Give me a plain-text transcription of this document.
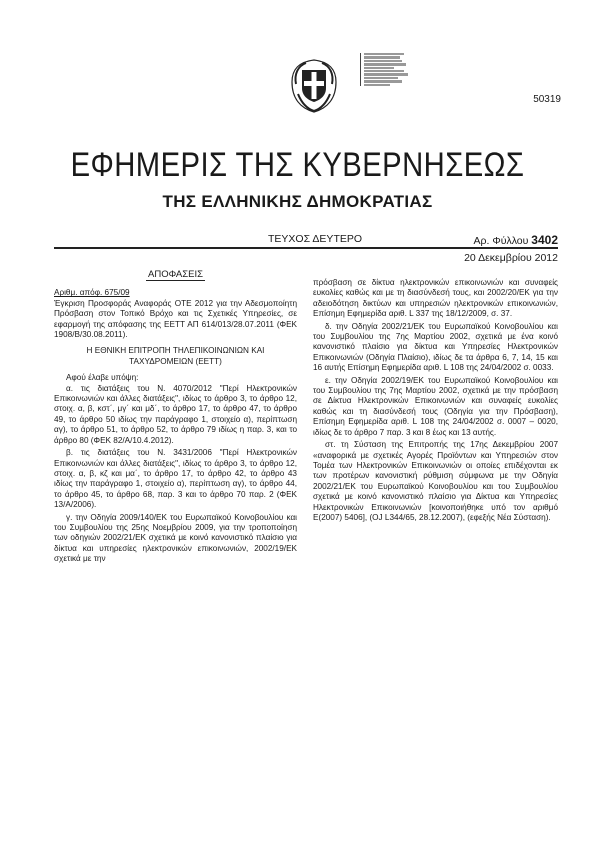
50319
ΕΦΗΜΕΡΙΣ ΤΗΣ ΚΥΒΕΡΝΗΣΕΩΣ
ΤΗΣ ΕΛΛΗΝΙΚΗΣ ΔΗΜΟΚΡΑΤΙΑΣ
ΤΕΥΧΟΣ ΔΕΥΤΕΡΟ	Αρ. Φύλλου 3402
20 Δεκεμβρίου 2012
ΑΠΟΦΑΣΕΙΣ

Αριθμ. απόφ. 675/09

Έγκριση Προσφοράς Αναφοράς ΟΤΕ 2012 για την Αδεσμοποίητη Πρόσβαση στον Τοπικό Βρόχο και τις Σχετικές Υπηρεσίες, σε εφαρμογή της απόφασης της ΕΕΤΤ ΑΠ 614/013/28.07.2011 (ΦΕΚ 1908/Β/30.08.2011).

Η ΕΘΝΙΚΗ ΕΠΙΤΡΟΠΗ ΤΗΛΕΠΙΚΟΙΝΩΝΙΩΝ ΚΑΙ ΤΑΧΥΔΡΟΜΕΙΩΝ (ΕΕΤΤ)

Αφού έλαβε υπόψη:

α. τις διατάξεις του Ν. 4070/2012 "Περί Ηλεκτρονικών Επικοινωνιών και άλλες διατάξεις", ιδίως το άρθρο 3, το άρθρο 12, στοιχ. α, β, κστ΄, μγ΄ και μδ΄, το άρθρο 17, το άρθρο 47, το άρθρο 49, το άρθρο 50 ιδίως την παράγραφο 1, στοιχείο α), περίπτωση αγ), το άρθρο 51, το άρθρο 52, το άρθρο 79 ιδίως η παρ. 3, και το άρθρο 80 (ΦΕΚ 82/Α/10.4.2012).

β. τις διατάξεις του Ν. 3431/2006 "Περί Ηλεκτρονικών Επικοινωνιών και άλλες διατάξεις", ιδίως το άρθρο 3, το άρθρο 12, στοιχ. α, β, κζ και μα΄, το άρθρο 17, το άρθρο 42, το άρθρο 43 ιδίως την παράγραφο 1, στοιχείο α), περίπτωση αγ), το άρθρο 44, το άρθρο 45, το άρθρο 68, παρ. 3 και το άρθρο 70 παρ. 2 (ΦΕΚ 13/Α/2006).

γ. την Οδηγία 2009/140/ΕΚ του Ευρωπαϊκού Κοινοβουλίου και του Συμβουλίου της 25ης Νοεμβρίου 2009, για την τροποποίηση των οδηγιών 2002/21/ΕΚ σχετικά με κοινό κανονιστικό πλαίσιο για δίκτυα και υπηρεσίες ηλεκτρονικών επικοινωνιών, 2002/19/ΕΚ σχετικά με την

πρόσβαση σε δίκτυα ηλεκτρονικών επικοινωνιών και συναφείς ευκολίες καθώς και με τη διασύνδεσή τους, και 2002/20/ΕΚ για την αδειοδότηση δικτύων και υπηρεσιών ηλεκτρονικών επικοινωνιών, Επίσημη Εφημερίδα αριθ. L 337 της 18/12/2009, σ. 37.

δ. την Οδηγία 2002/21/ΕΚ του Ευρωπαϊκού Κοινοβουλίου και του Συμβουλίου της 7ης Μαρτίου 2002, σχετικά με ένα κοινό κανονιστικό πλαίσιο για δίκτυα και Υπηρεσίες Ηλεκτρονικών Επικοινωνιών (Οδηγία Πλαίσιο), ιδίως δε τα άρθρα 6, 7, 14, 15 και 16 αυτής Επίσημη Εφημερίδα αριθ. L 108 της 24/04/2002 σ. 0033.

ε. την Οδηγία 2002/19/ΕΚ του Ευρωπαϊκού Κοινοβουλίου και του Συμβουλίου της 7ης Μαρτίου 2002, σχετικά με την πρόσβαση σε Δίκτυα Ηλεκτρονικών Επικοινωνιών και συναφείς ευκολίες καθώς και τη διασύνδεσή τους (Οδηγία για την Πρόσβαση), Επίσημη Εφημερίδα αριθ. L 108 της 24/04/2002 σ. 0007 – 0020, ιδίως δε το άρθρο 7 παρ. 3 και 8 έως και 13 αυτής.

στ. τη Σύσταση της Επιτροπής της 17ης Δεκεμβρίου 2007 «αναφορικά με σχετικές Αγορές Προϊόντων και Υπηρεσιών στον Τομέα των Ηλεκτρονικών Επικοινωνιών οι οποίες επιδέχονται εκ των προτέρων κανονιστική ρύθμιση σύμφωνα με την Οδηγία 2002/21/ΕΚ του Ευρωπαϊκού Κοινοβουλίου και του Συμβουλίου σχετικά με κοινό κανονιστικό πλαίσιο για Δίκτυα και Υπηρεσίες Ηλεκτρονικών Επικοινωνιών [κοινοποιήθηκε υπό τον αριθμό Ε(2007) 5406], (OJ L344/65, 28.12.2007), (εφεξής Νέα Σύσταση).
